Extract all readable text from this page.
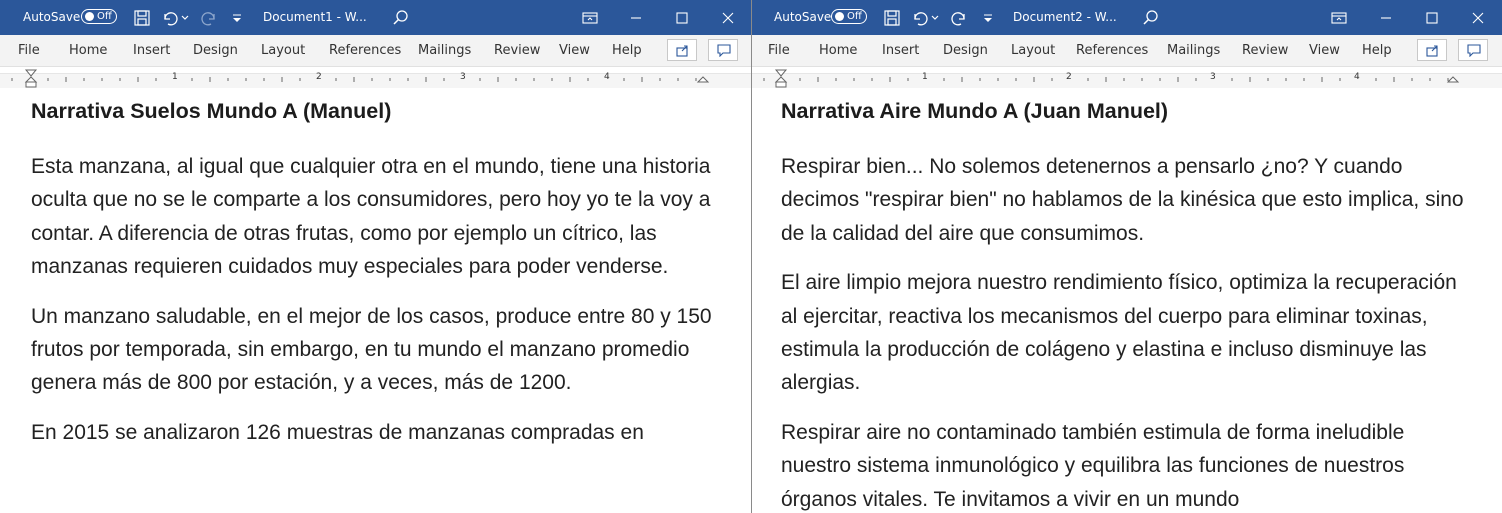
AutoSave Off	Document1 - W...
File Home Insert Design Layout References Mailings Review View Help
1	2	3	4
Narrativa Suelos Mundo A (Manuel)

Esta manzana, al igual que cualquier otra en el mundo, tiene una historia oculta que no se le comparte a los consumidores, pero hoy yo te la voy a contar. A diferencia de otras frutas, como por ejemplo un cítrico, las manzanas requieren cuidados muy especiales para poder venderse.

Un manzano saludable, en el mejor de los casos, produce entre 80 y 150 frutos por temporada, sin embargo, en tu mundo el manzano promedio genera más de 800 por estación, y a veces, más de 1200.

En 2015 se analizaron 126 muestras de manzanas compradas en

AutoSave Off	Document2 - W...
File Home Insert Design Layout References Mailings Review View Help
1	2	3	4
Narrativa Aire Mundo A (Juan Manuel)

Respirar bien... No solemos detenernos a pensarlo ¿no? Y cuando decimos "respirar bien" no hablamos de la kinésica que esto implica, sino de la calidad del aire que consumimos.

El aire limpio mejora nuestro rendimiento físico, optimiza la recuperación al ejercitar, reactiva los mecanismos del cuerpo para eliminar toxinas, estimula la producción de colágeno y elastina e incluso disminuye las alergias.

Respirar aire no contaminado también estimula de forma ineludible nuestro sistema inmunológico y equilibra las funciones de nuestros órganos vitales. Te invitamos a vivir en un mundo
